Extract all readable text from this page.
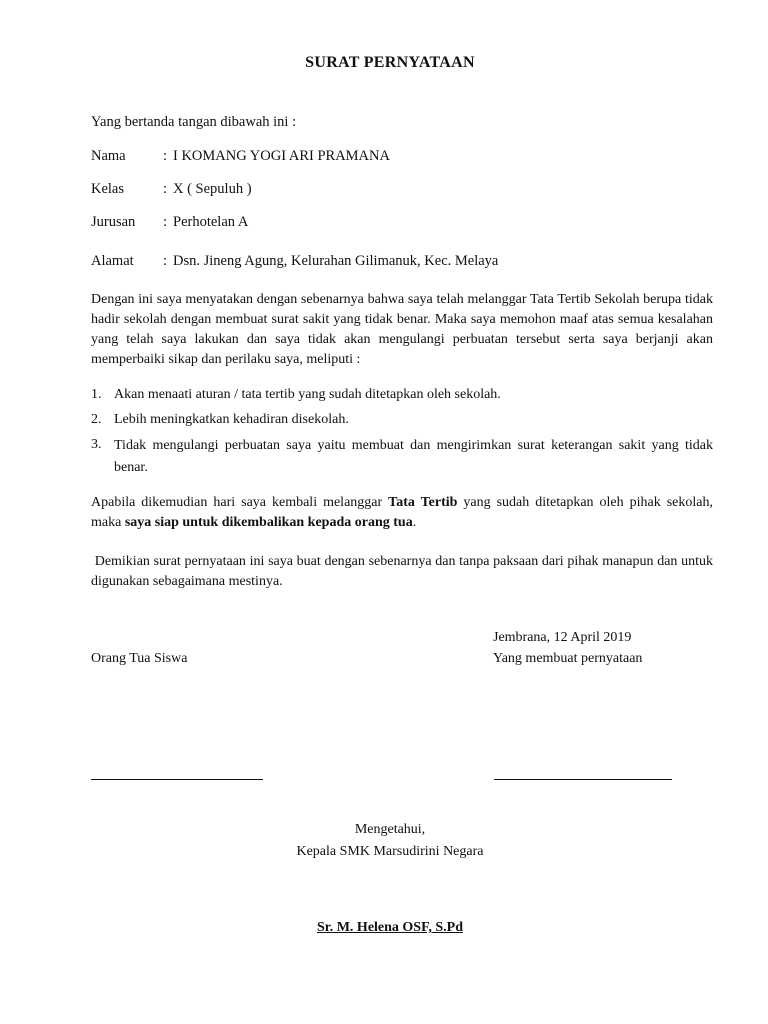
SURAT PERNYATAAN
Yang bertanda tangan dibawah ini :
Nama	: I KOMANG YOGI ARI PRAMANA
Kelas	: X ( Sepuluh )
Jurusan : Perhotelan A
Alamat : Dsn. Jineng Agung, Kelurahan Gilimanuk, Kec. Melaya
Dengan ini saya menyatakan dengan sebenarnya bahwa saya telah melanggar Tata Tertib Sekolah berupa tidak hadir sekolah dengan membuat surat sakit yang tidak benar. Maka saya memohon maaf atas semua kesalahan yang telah saya lakukan dan saya tidak akan mengulangi perbuatan tersebut serta saya berjanji akan memperbaiki sikap dan perilaku saya, meliputi :
1. Akan menaati aturan / tata tertib yang sudah ditetapkan oleh sekolah.
2. Lebih meningkatkan kehadiran disekolah.
3. Tidak mengulangi perbuatan saya yaitu membuat dan mengirimkan surat keterangan sakit yang tidak benar.
Apabila dikemudian hari saya kembali melanggar Tata Tertib yang sudah ditetapkan oleh pihak sekolah, maka saya siap untuk dikembalikan kepada orang tua.
Demikian surat pernyataan ini saya buat dengan sebenarnya dan tanpa paksaan dari pihak manapun dan untuk digunakan sebagaimana mestinya.
Jembrana, 12 April 2019
Orang Tua Siswa	Yang membuat pernyataan
Mengetahui,
Kepala SMK Marsudirini Negara
Sr. M. Helena OSF, S.Pd
